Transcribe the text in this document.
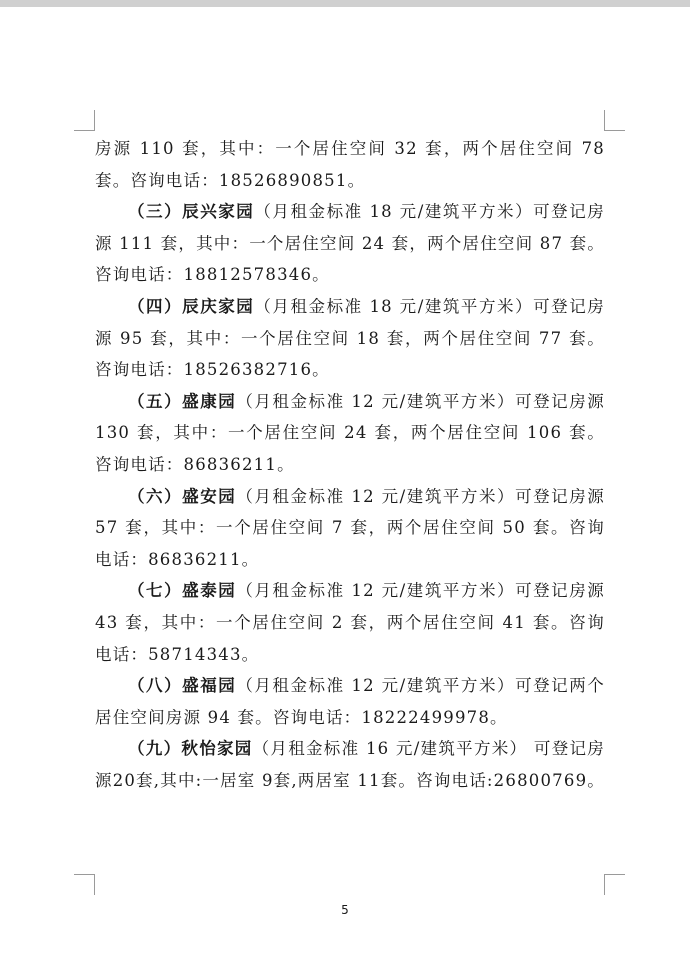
房源 110 套，其中：一个居住空间 32 套，两个居住空间 78 套。咨询电话：18526890851。

（三）辰兴家园（月租金标准 18 元/建筑平方米）可登记房源 111 套，其中：一个居住空间 24 套，两个居住空间 87 套。咨询电话：18812578346。

（四）辰庆家园（月租金标准 18 元/建筑平方米）可登记房源 95 套，其中：一个居住空间 18 套，两个居住空间 77 套。咨询电话：18526382716。

（五）盛康园（月租金标准 12 元/建筑平方米）可登记房源 130 套，其中：一个居住空间 24 套，两个居住空间 106 套。咨询电话：86836211。

（六）盛安园（月租金标准 12 元/建筑平方米）可登记房源 57 套，其中：一个居住空间 7 套，两个居住空间 50 套。咨询电话：86836211。

（七）盛泰园（月租金标准 12 元/建筑平方米）可登记房源 43 套，其中：一个居住空间 2 套，两个居住空间 41 套。咨询电话：58714343。

（八）盛福园（月租金标准 12 元/建筑平方米）可登记两个居住空间房源 94 套。咨询电话：18222499978。

（九）秋怡家园（月租金标准 16 元/建筑平方米） 可登记房源20套,其中:一居室 9套,两居室 11套。咨询电话:26800769。

5
